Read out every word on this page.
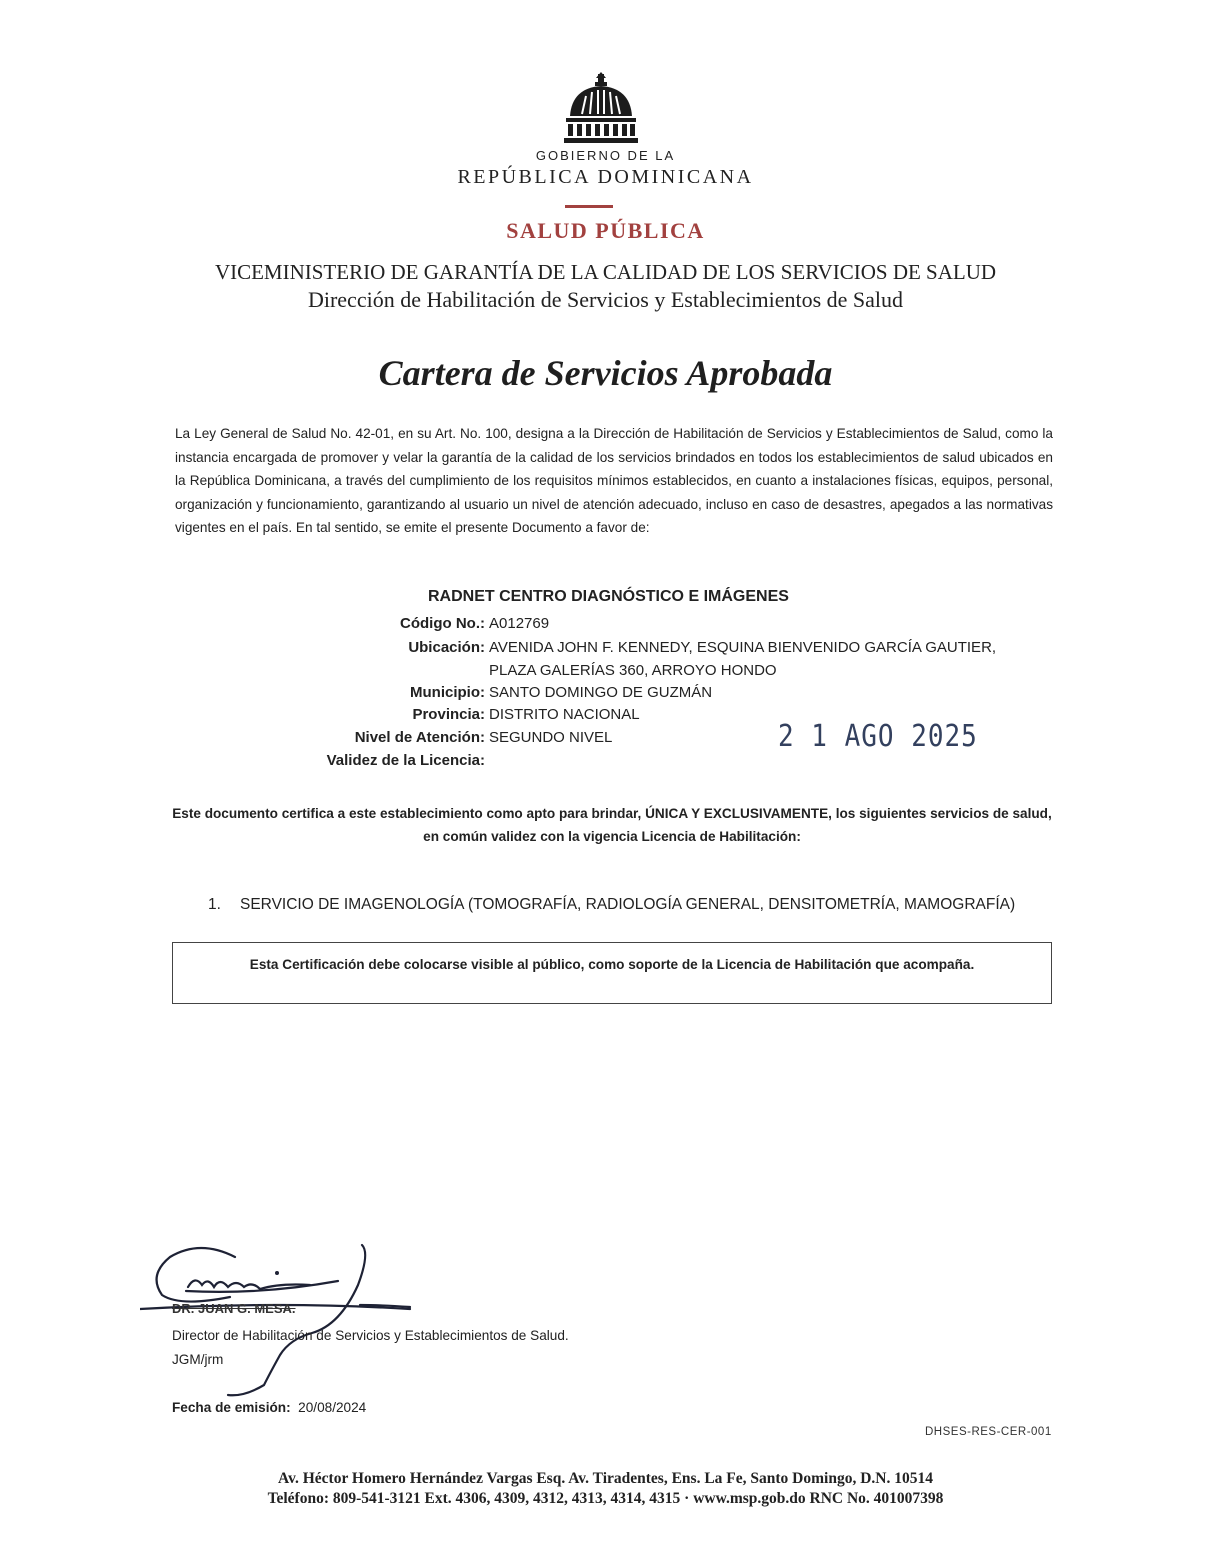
GOBIERNO DE LA
REPÚBLICA DOMINICANA
SALUD PÚBLICA
VICEMINISTERIO DE GARANTÍA DE LA CALIDAD DE LOS SERVICIOS DE SALUD
Dirección de Habilitación de Servicios y Establecimientos de Salud
Cartera de Servicios Aprobada
La Ley General de Salud No. 42-01, en su Art. No. 100, designa a la Dirección de Habilitación de Servicios y Establecimientos de Salud, como la instancia encargada de promover y velar la garantía de la calidad de los servicios brindados en todos los establecimientos de salud ubicados en la República Dominicana, a través del cumplimiento de los requisitos mínimos establecidos, en cuanto a instalaciones físicas, equipos, personal, organización y funcionamiento, garantizando al usuario un nivel de atención adecuado, incluso en caso de desastres, apegados a las normativas vigentes en el país. En tal sentido, se emite el presente Documento a favor de:
RADNET CENTRO DIAGNÓSTICO E IMÁGENES
Código No.: A012769
Ubicación: AVENIDA JOHN F. KENNEDY, ESQUINA BIENVENIDO GARCÍA GAUTIER,
PLAZA GALERÍAS 360, ARROYO HONDO
Municipio: SANTO DOMINGO DE GUZMÁN
Provincia: DISTRITO NACIONAL
Nivel de Atención: SEGUNDO NIVEL
Validez de la Licencia:
2 1 AGO 2025
Este documento certifica a este establecimiento como apto para brindar, ÚNICA Y EXCLUSIVAMENTE, los siguientes servicios de salud, en común validez con la vigencia Licencia de Habilitación:
1. SERVICIO DE IMAGENOLOGÍA (TOMOGRAFÍA, RADIOLOGÍA GENERAL, DENSITOMETRÍA, MAMOGRAFÍA)
Esta Certificación debe colocarse visible al público, como soporte de la Licencia de Habilitación que acompaña.
DR. JUAN G. MESA.
Director de Habilitación de Servicios y Establecimientos de Salud.
JGM/jrm
Fecha de emisión: 20/08/2024
DHSES-RES-CER-001
Av. Héctor Homero Hernández Vargas Esq. Av. Tiradentes, Ens. La Fe, Santo Domingo, D.N. 10514
Teléfono: 809-541-3121 Ext. 4306, 4309, 4312, 4313, 4314, 4315 · www.msp.gob.do RNC No. 401007398
